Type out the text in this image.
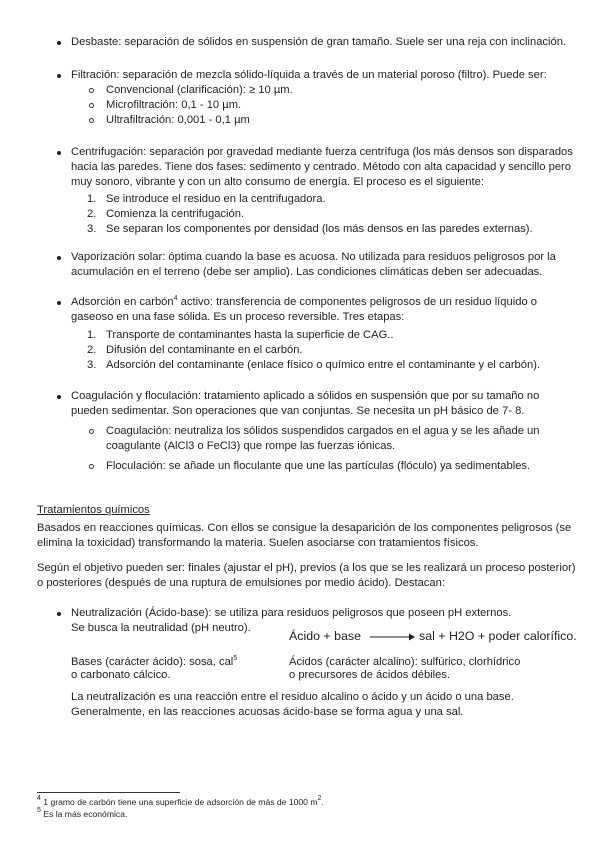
Desbaste: separación de sólidos en suspensión de gran tamaño. Suele ser una reja con inclinación.
Filtración: separación de mezcla sólido-líquida a través de un material poroso (filtro). Puede ser:
Convencional (clarificación): ≥ 10 µm.
Microfiltración: 0,1 - 10 µm.
Ultrafiltración: 0,001 - 0,1 µm
Centrifugación: separación por gravedad mediante fuerza centrífuga (los más densos son disparados
hacia las paredes. Tiene dos fases: sedimento y centrado. Método con alta capacidad y sencillo pero
muy sonoro, vibrante y con un alto consumo de energía. El proceso es el siguiente:
1. Se introduce el residuo en la centrifugadora.
2. Comienza la centrifugación.
3. Se separan los componentes por densidad (los más densos en las paredes externas).
Vaporización solar: óptima cuando la base es acuosa. No utilizada para residuos peligrosos por la
acumulación en el terreno (debe ser amplio). Las condiciones climáticas deben ser adecuadas.
Adsorción en carbón$^4$ activo: transferencia de componentes peligrosos de un residuo líquido o
gaseoso en una fase sólida. Es un proceso reversible. Tres etapas:
1. Transporte de contaminantes hasta la superficie de CAG..
2. Difusión del contaminante en el carbón.
3. Adsorción del contaminante (enlace físico o químico entre el contaminante y el carbón).
Coagulación y floculación: tratamiento aplicado a sólidos en suspensión que por su tamaño no
pueden sedimentar. Son operaciones que van conjuntas. Se necesita un pH básico de 7- 8.
Coagulación: neutraliza los sólidos suspendidos cargados en el agua y se les añade un
coagulante (AlCl3 o FeCl3) que rompe las fuerzas iónicas.
Floculación: se añade un floculante que une las partículas (flóculo) ya sedimentables.
Tratamientos químicos
Basados en reacciones químicas. Con ellos se consigue la desaparición de los componentes peligrosos (se
elimina la toxicidad) transformando la materia. Suelen asociarse con tratamientos físicos.
Según el objetivo pueden ser: finales (ajustar el pH), previos (a los que se les realizará un proceso posterior)
o posteriores (después de una ruptura de emulsiones por medio ácido). Destacan:
Neutralización (Ácido-base): se utiliza para residuos peligrosos que poseen pH externos.
Se busca la neutralidad (pH neutro).
Ácido + base	sal + H2O + poder calorífico.
Bases (carácter ácido): sosa, cal$^5$
o carbonato cálcico.
Ácidos (carácter alcalino): sulfúrico, clorhídrico
o precursores de ácidos débiles.
La neutralización es una reacción entre el residuo alcalino o ácido y un ácido o una base.
Generalmente, en las reacciones acuosas ácido-base se forma agua y una sal.
$^4$ 1 gramo de carbón tiene una superficie de adsorción de más de 1000 $m^2$.
$^5$ Es la más económica.
